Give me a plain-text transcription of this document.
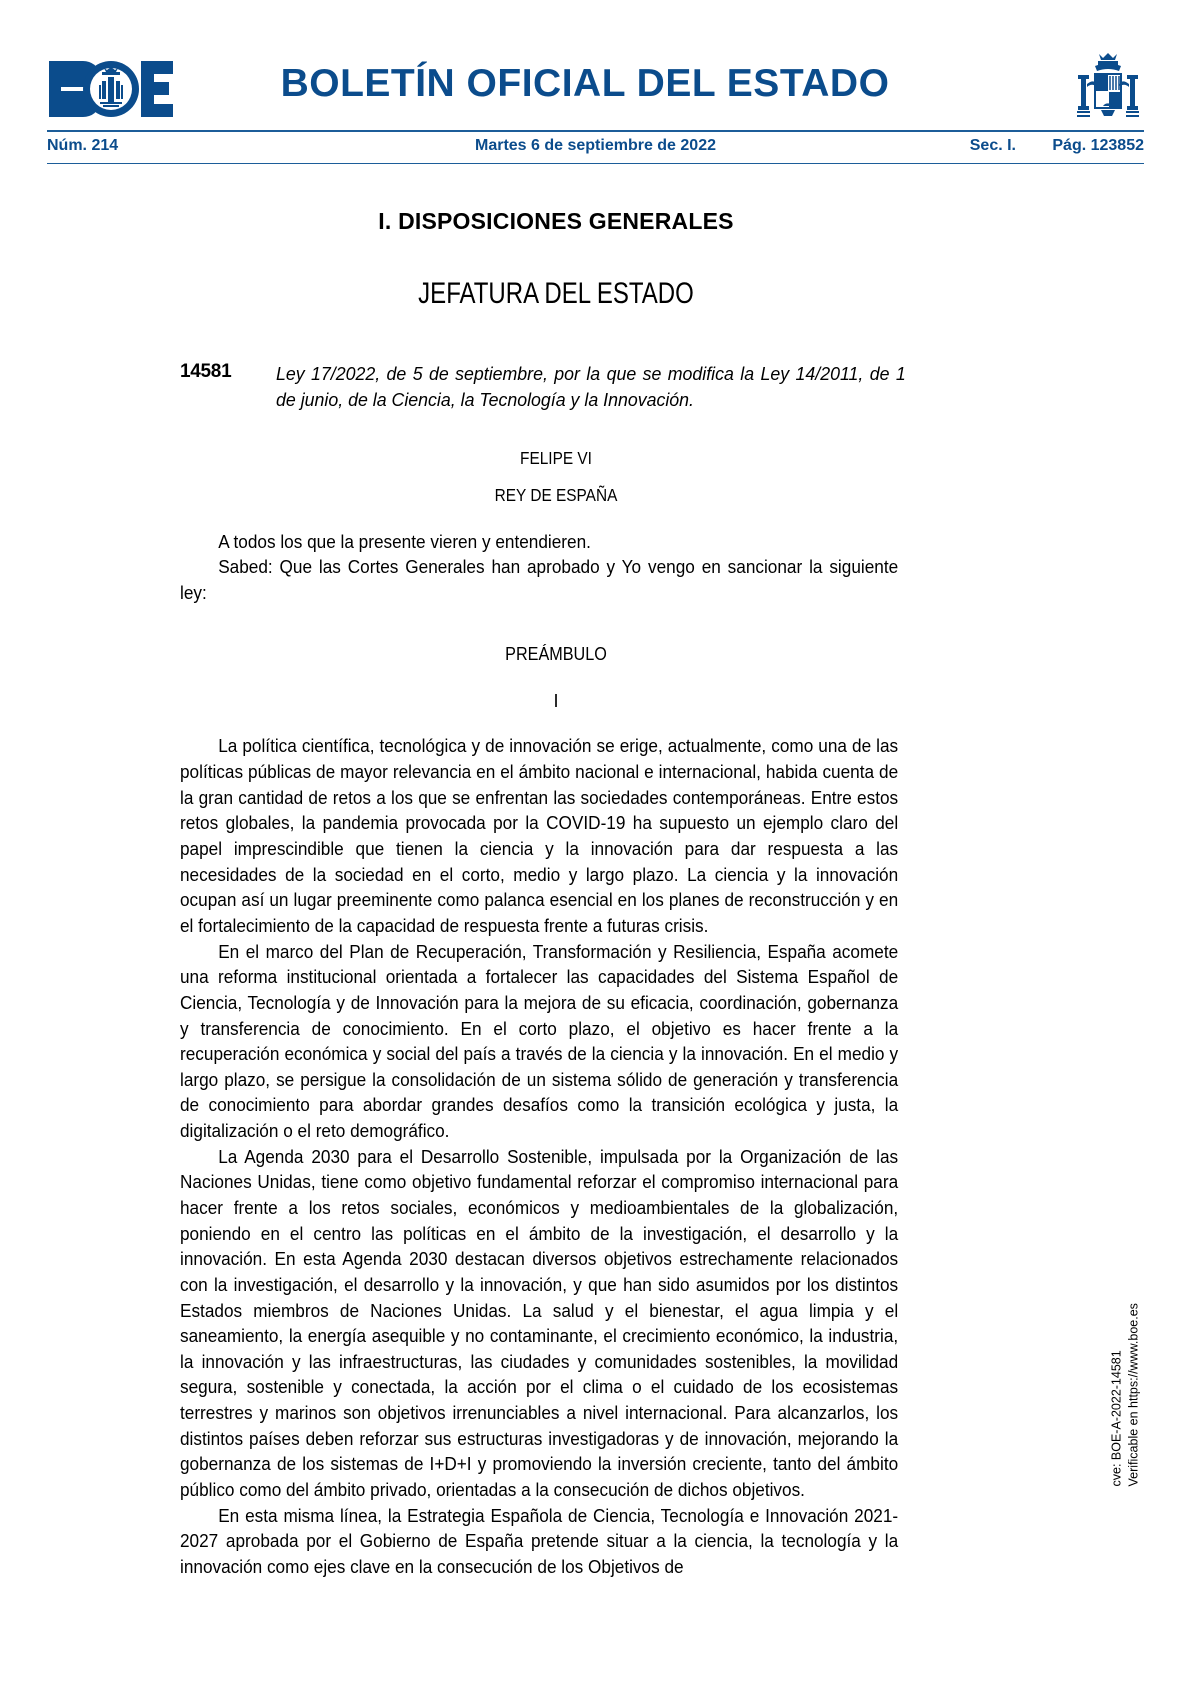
BOLETÍN OFICIAL DEL ESTADO
Núm. 214	Martes 6 de septiembre de 2022	Sec. I. Pág. 123852
I. DISPOSICIONES GENERALES
JEFATURA DEL ESTADO
14581 Ley 17/2022, de 5 de septiembre, por la que se modifica la Ley 14/2011, de 1 de junio, de la Ciencia, la Tecnología y la Innovación.
FELIPE VI
REY DE ESPAÑA

A todos los que la presente vieren y entendieren.

Sabed: Que las Cortes Generales han aprobado y Yo vengo en sancionar la siguiente ley:

PREÁMBULO
I

La política científica, tecnológica y de innovación se erige, actualmente, como una de las políticas públicas de mayor relevancia en el ámbito nacional e internacional, habida cuenta de la gran cantidad de retos a los que se enfrentan las sociedades contemporáneas. Entre estos retos globales, la pandemia provocada por la COVID-19 ha supuesto un ejemplo claro del papel imprescindible que tienen la ciencia y la innovación para dar respuesta a las necesidades de la sociedad en el corto, medio y largo plazo. La ciencia y la innovación ocupan así un lugar preeminente como palanca esencial en los planes de reconstrucción y en el fortalecimiento de la capacidad de respuesta frente a futuras crisis.

En el marco del Plan de Recuperación, Transformación y Resiliencia, España acomete una reforma institucional orientada a fortalecer las capacidades del Sistema Español de Ciencia, Tecnología y de Innovación para la mejora de su eficacia, coordinación, gobernanza y transferencia de conocimiento. En el corto plazo, el objetivo es hacer frente a la recuperación económica y social del país a través de la ciencia y la innovación. En el medio y largo plazo, se persigue la consolidación de un sistema sólido de generación y transferencia de conocimiento para abordar grandes desafíos como la transición ecológica y justa, la digitalización o el reto demográfico.

La Agenda 2030 para el Desarrollo Sostenible, impulsada por la Organización de las Naciones Unidas, tiene como objetivo fundamental reforzar el compromiso internacional para hacer frente a los retos sociales, económicos y medioambientales de la globalización, poniendo en el centro las políticas en el ámbito de la investigación, el desarrollo y la innovación. En esta Agenda 2030 destacan diversos objetivos estrechamente relacionados con la investigación, el desarrollo y la innovación, y que han sido asumidos por los distintos Estados miembros de Naciones Unidas. La salud y el bienestar, el agua limpia y el saneamiento, la energía asequible y no contaminante, el crecimiento económico, la industria, la innovación y las infraestructuras, las ciudades y comunidades sostenibles, la movilidad segura, sostenible y conectada, la acción por el clima o el cuidado de los ecosistemas terrestres y marinos son objetivos irrenunciables a nivel internacional. Para alcanzarlos, los distintos países deben reforzar sus estructuras investigadoras y de innovación, mejorando la gobernanza de los sistemas de I+D+I y promoviendo la inversión creciente, tanto del ámbito público como del ámbito privado, orientadas a la consecución de dichos objetivos.

En esta misma línea, la Estrategia Española de Ciencia, Tecnología e Innovación 2021-2027 aprobada por el Gobierno de España pretende situar a la ciencia, la tecnología y la innovación como ejes clave en la consecución de los Objetivos de

cve: BOE-A-2022-14581 Verificable en https://www.boe.es
